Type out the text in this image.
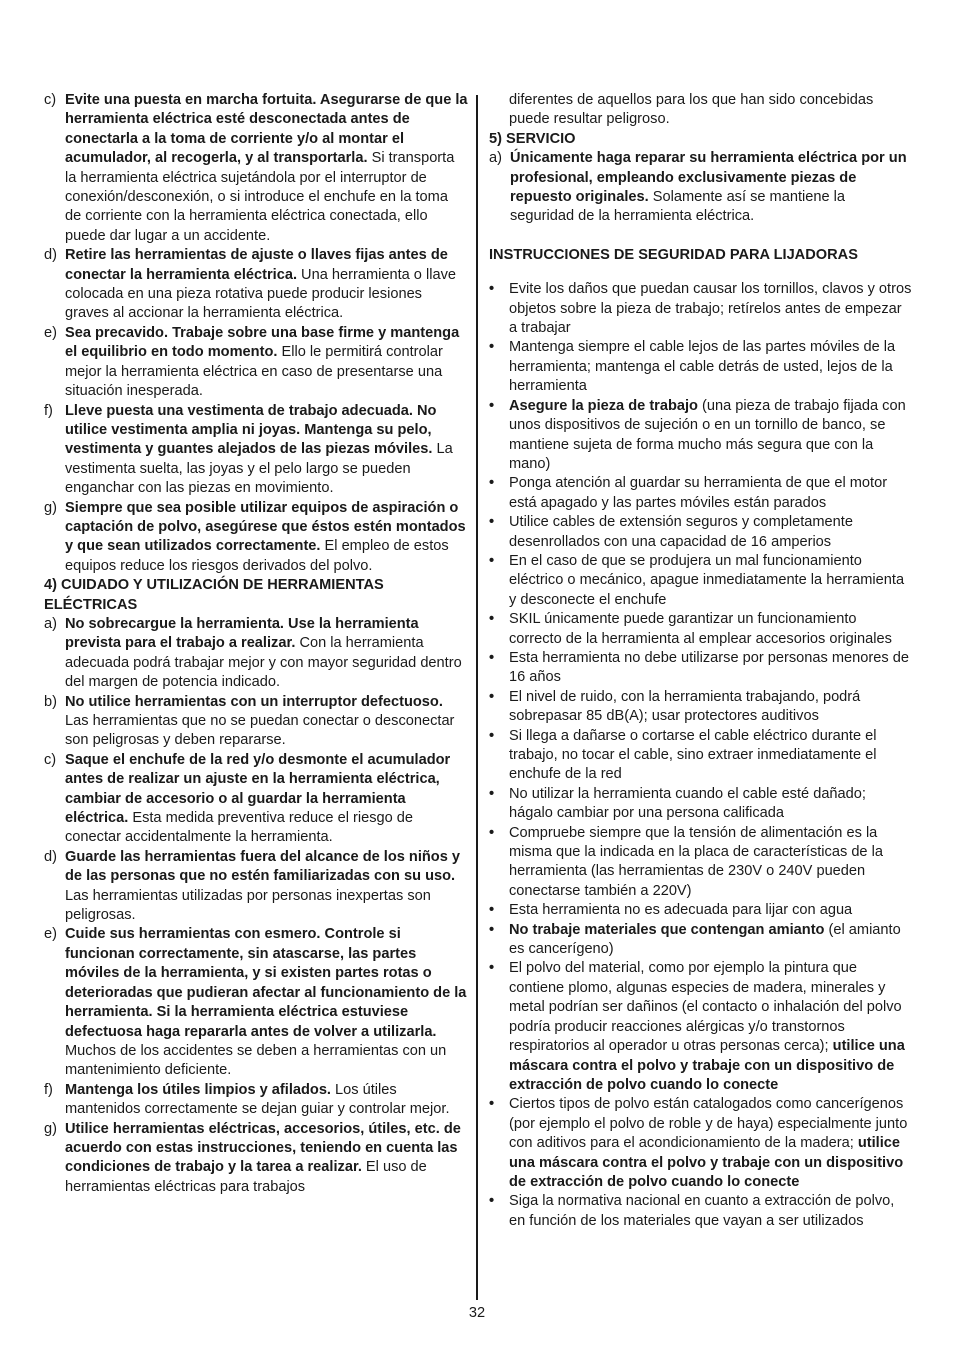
c) Evite una puesta en marcha fortuita. Asegurarse de que la herramienta eléctrica esté desconectada antes de conectarla a la toma de corriente y/o al montar el acumulador, al recogerla, y al transportarla. Si transporta la herramienta eléctrica sujetándola por el interruptor de conexión/desconexión, o si introduce el enchufe en la toma de corriente con la herramienta eléctrica conectada, ello puede dar lugar a un accidente.

d) Retire las herramientas de ajuste o llaves fijas antes de conectar la herramienta eléctrica. Una herramienta o llave colocada en una pieza rotativa puede producir lesiones graves al accionar la herramienta eléctrica.

e) Sea precavido. Trabaje sobre una base firme y mantenga el equilibrio en todo momento. Ello le permitirá controlar mejor la herramienta eléctrica en caso de presentarse una situación inesperada.

f) Lleve puesta una vestimenta de trabajo adecuada. No utilice vestimenta amplia ni joyas. Mantenga su pelo, vestimenta y guantes alejados de las piezas móviles. La vestimenta suelta, las joyas y el pelo largo se pueden enganchar con las piezas en movimiento.

g) Siempre que sea posible utilizar equipos de aspiración o captación de polvo, asegúrese que éstos estén montados y que sean utilizados correctamente. El empleo de estos equipos reduce los riesgos derivados del polvo.

4) CUIDADO Y UTILIZACIÓN DE HERRAMIENTAS ELÉCTRICAS

a) No sobrecargue la herramienta. Use la herramienta prevista para el trabajo a realizar. Con la herramienta adecuada podrá trabajar mejor y con mayor seguridad dentro del margen de potencia indicado.

b) No utilice herramientas con un interruptor defectuoso. Las herramientas que no se puedan conectar o desconectar son peligrosas y deben repararse.

c) Saque el enchufe de la red y/o desmonte el acumulador antes de realizar un ajuste en la herramienta eléctrica, cambiar de accesorio o al guardar la herramienta eléctrica. Esta medida preventiva reduce el riesgo de conectar accidentalmente la herramienta.

d) Guarde las herramientas fuera del alcance de los niños y de las personas que no estén familiarizadas con su uso. Las herramientas utilizadas por personas inexpertas son peligrosas.

e) Cuide sus herramientas con esmero. Controle si funcionan correctamente, sin atascarse, las partes móviles de la herramienta, y si existen partes rotas o deterioradas que pudieran afectar al funcionamiento de la herramienta. Si la herramienta eléctrica estuviese defectuosa haga repararla antes de volver a utilizarla. Muchos de los accidentes se deben a herramientas con un mantenimiento deficiente.

f) Mantenga los útiles limpios y afilados. Los útiles mantenidos correctamente se dejan guiar y controlar mejor.

g) Utilice herramientas eléctricas, accesorios, útiles, etc. de acuerdo con estas instrucciones, teniendo en cuenta las condiciones de trabajo y la tarea a realizar. El uso de herramientas eléctricas para trabajos

diferentes de aquellos para los que han sido concebidas puede resultar peligroso.

5) SERVICIO

a) Únicamente haga reparar su herramienta eléctrica por un profesional, empleando exclusivamente piezas de repuesto originales. Solamente así se mantiene la seguridad de la herramienta eléctrica.

INSTRUCCIONES DE SEGURIDAD PARA LIJADORAS

• Evite los daños que puedan causar los tornillos, clavos y otros objetos sobre la pieza de trabajo; retírelos antes de empezar a trabajar

• Mantenga siempre el cable lejos de las partes móviles de la herramienta; mantenga el cable detrás de usted, lejos de la herramienta

• Asegure la pieza de trabajo (una pieza de trabajo fijada con unos dispositivos de sujeción o en un tornillo de banco, se mantiene sujeta de forma mucho más segura que con la mano)

• Ponga atención al guardar su herramienta de que el motor está apagado y las partes móviles están parados

• Utilice cables de extensión seguros y completamente desenrollados con una capacidad de 16 amperios

• En el caso de que se produjera un mal funcionamiento eléctrico o mecánico, apague inmediatamente la herramienta y desconecte el enchufe

• SKIL únicamente puede garantizar un funcionamiento correcto de la herramienta al emplear accesorios originales

• Esta herramienta no debe utilizarse por personas menores de 16 años

• El nivel de ruido, con la herramienta trabajando, podrá sobrepasar 85 dB(A); usar protectores auditivos

• Si llega a dañarse o cortarse el cable eléctrico durante el trabajo, no tocar el cable, sino extraer inmediatamente el enchufe de la red

• No utilizar la herramienta cuando el cable esté dañado; hágalo cambiar por una persona calificada

• Compruebe siempre que la tensión de alimentación es la misma que la indicada en la placa de características de la herramienta (las herramientas de 230V o 240V pueden conectarse también a 220V)

• Esta herramienta no es adecuada para lijar con agua

• No trabaje materiales que contengan amianto (el amianto es cancerígeno)

• El polvo del material, como por ejemplo la pintura que contiene plomo, algunas especies de madera, minerales y metal podrían ser dañinos (el contacto o inhalación del polvo podría producir reacciones alérgicas y/o transtornos respiratorios al operador u otras personas cerca); utilice una máscara contra el polvo y trabaje con un dispositivo de extracción de polvo cuando lo conecte

• Ciertos tipos de polvo están catalogados como cancerígenos (por ejemplo el polvo de roble y de haya) especialmente junto con aditivos para el acondicionamiento de la madera; utilice una máscara contra el polvo y trabaje con un dispositivo de extracción de polvo cuando lo conecte

• Siga la normativa nacional en cuanto a extracción de polvo, en función de los materiales que vayan a ser utilizados

32
